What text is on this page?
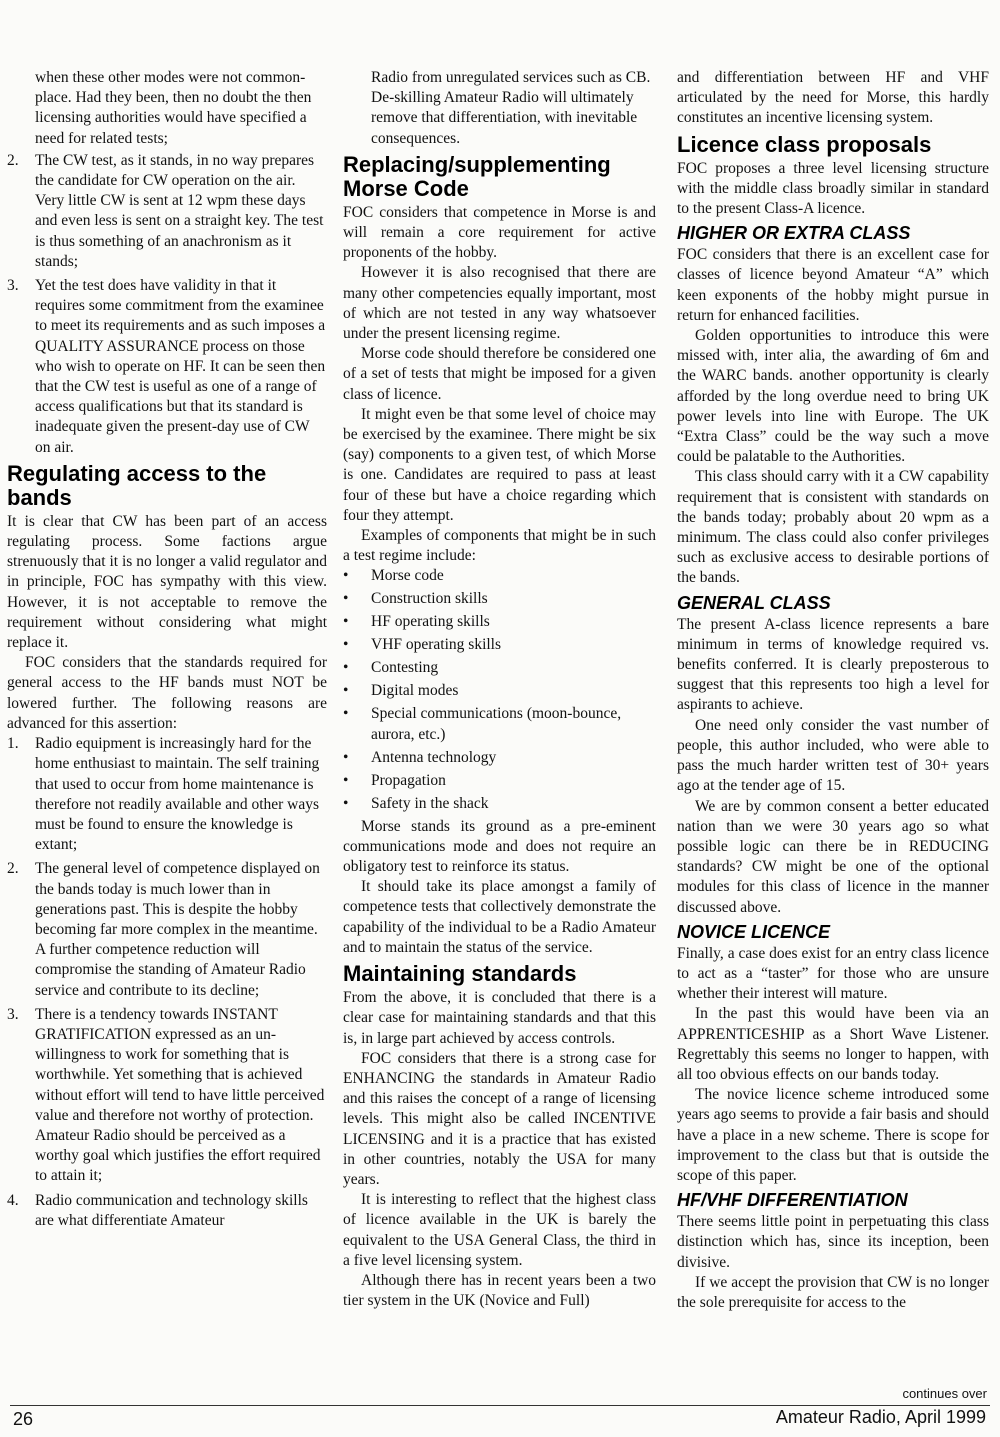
when these other modes were not common-place. Had they been, then no doubt the then licensing authorities would have specified a need for related tests;

2. The CW test, as it stands, in no way prepares the candidate for CW operation on the air. Very little CW is sent at 12 wpm these days and even less is sent on a straight key. The test is thus something of an anachronism as it stands;
3. Yet the test does have validity in that it requires some commitment from the examinee to meet its requirements and as such imposes a QUALITY ASSURANCE process on those who wish to operate on HF. It can be seen then that the CW test is useful as one of a range of access qualifications but that its standard is inadequate given the present-day use of CW on air.
Regulating access to the bands

It is clear that CW has been part of an access regulating process. Some factions argue strenuously that it is no longer a valid regulator and in principle, FOC has sympathy with this view. However, it is not acceptable to remove the requirement without considering what might replace it.

FOC considers that the standards required for general access to the HF bands must NOT be lowered further. The following reasons are advanced for this assertion:

1. Radio equipment is increasingly hard for the home enthusiast to maintain. The self training that used to occur from home maintenance is therefore not readily available and other ways must be found to ensure the knowledge is extant;
2. The general level of competence displayed on the bands today is much lower than in generations past. This is despite the hobby becoming far more complex in the meantime. A further competence reduction will compromise the standing of Amateur Radio service and contribute to its decline;
3. There is a tendency towards INSTANT GRATIFICATION expressed as an un- willingness to work for something that is worthwhile. Yet something that is achieved without effort will tend to have little perceived value and therefore not worthy of protection. Amateur Radio should be perceived as a worthy goal which justifies the effort required to attain it;
4. Radio communication and technology skills are what differentiate Amateur

Radio from unregulated services such as CB. De-skilling Amateur Radio will ultimately remove that differentiation, with inevitable consequences.

Replacing/supplementing Morse Code

FOC considers that competence in Morse is and will remain a core requirement for active proponents of the hobby.

However it is also recognised that there are many other competencies equally important, most of which are not tested in any way whatsoever under the present licensing regime.

Morse code should therefore be considered one of a set of tests that might be imposed for a given class of licence.

It might even be that some level of choice may be exercised by the examinee. There might be six (say) components to a given test, of which Morse is one. Candidates are required to pass at least four of these but have a choice regarding which four they attempt.

Examples of components that might be in such a test regime include:

• Morse code
• Construction skills
• HF operating skills
• VHF operating skills
• Contesting
• Digital modes
• Special communications (moon-bounce, aurora, etc.)
• Antenna technology
• Propagation
• Safety in the shack

Morse stands its ground as a pre-eminent communications mode and does not require an obligatory test to reinforce its status.

It should take its place amongst a family of competence tests that collectively demonstrate the capability of the individual to be a Radio Amateur and to maintain the status of the service.

Maintaining standards

From the above, it is concluded that there is a clear case for maintaining standards and that this is, in large part achieved by access controls.

FOC considers that there is a strong case for ENHANCING the standards in Amateur Radio and this raises the concept of a range of licensing levels. This might also be called INCENTIVE LICENSING and it is a practice that has existed in other countries, notably the USA for many years.

It is interesting to reflect that the highest class of licence available in the UK is barely the equivalent to the USA General Class, the third in a five level licensing system.

Although there has in recent years been a two tier system in the UK (Novice and Full)

and differentiation between HF and VHF articulated by the need for Morse, this hardly constitutes an incentive licensing system.

Licence class proposals

FOC proposes a three level licensing structure with the middle class broadly similar in standard to the present Class-A licence.

HIGHER OR EXTRA CLASS

FOC considers that there is an excellent case for classes of licence beyond Amateur “A” which keen exponents of the hobby might pursue in return for enhanced facilities.

Golden opportunities to introduce this were missed with, inter alia, the awarding of 6m and the WARC bands. another opportunity is clearly afforded by the long overdue need to bring UK power levels into line with Europe. The UK “Extra Class” could be the way such a move could be palatable to the Authorities.

This class should carry with it a CW capability requirement that is consistent with standards on the bands today; probably about 20 wpm as a minimum. The class could also confer privileges such as exclusive access to desirable portions of the bands.

GENERAL CLASS

The present A-class licence represents a bare minimum in terms of knowledge required vs. benefits conferred. It is clearly preposterous to suggest that this represents too high a level for aspirants to achieve.

One need only consider the vast number of people, this author included, who were able to pass the much harder written test of 30+ years ago at the tender age of 15.

We are by common consent a better educated nation than we were 30 years ago so what possible logic can there be in REDUCING standards? CW might be one of the optional modules for this class of licence in the manner discussed above.

NOVICE LICENCE

Finally, a case does exist for an entry class licence to act as a “taster” for those who are unsure whether their interest will mature.

In the past this would have been via an APPRENTICESHIP as a Short Wave Listener. Regrettably this seems no longer to happen, with all too obvious effects on our bands today.

The novice licence scheme introduced some years ago seems to provide a fair basis and should have a place in a new scheme. There is scope for improvement to the class but that is outside the scope of this paper.

HF/VHF DIFFERENTIATION

There seems little point in perpetuating this class distinction which has, since its inception, been divisive.

If we accept the provision that CW is no longer the sole prerequisite for access to the

continues over
26	Amateur Radio, April 1999
